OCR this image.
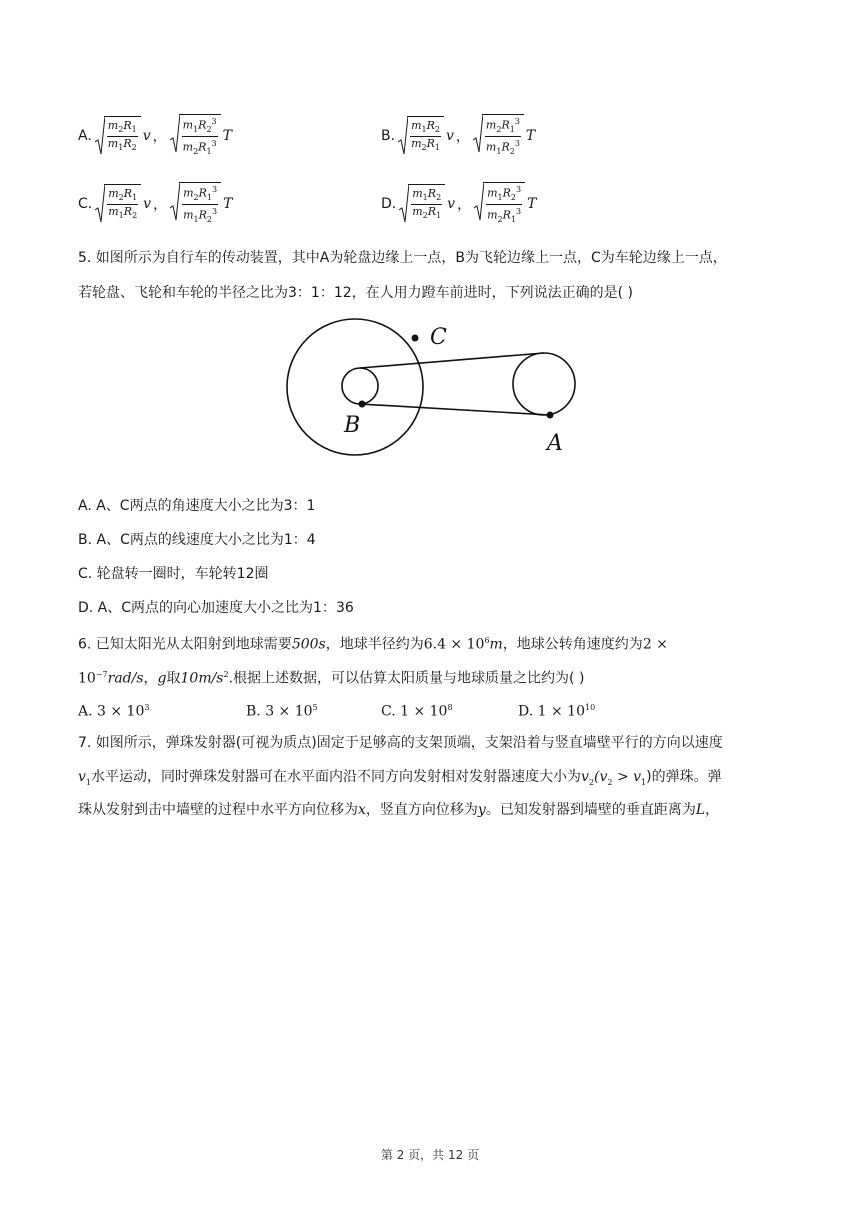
A. $\frac{m_2R_1}{m_1R_2}$ v ， $\frac{m_1R_2^3}{m_2R_1^3}$ T	B. $\frac{m_1R_2}{m_2R_1}$ v ， $\frac{m_2R_1^3}{m_1R_2^3}$ T
C. $\frac{m_2R_1}{m_1R_2}$ v ， $\frac{m_2R_1^3}{m_1R_2^3}$ T	D. $\frac{m_1R_2}{m_2R_1}$ v ， $\frac{m_1R_2^3}{m_2R_1^3}$ T
5. 如图所示为自行车的传动装置，其中A为轮盘边缘上一点，B为飞轮边缘上一点，C为车轮边缘上一点，
若轮盘、飞轮和车轮的半径之比为3：1：12，在人用力蹬车前进时，下列说法正确的是( )
C
B
A
A. A、C两点的角速度大小之比为3：1
B. A、C两点的线速度大小之比为1：4
C. 轮盘转一圈时，车轮转12圈
D. A、C两点的向心加速度大小之比为1：36
6. 已知太阳光从太阳射到地球需要500s，地球半径约为$6.4 \times 10^6m$，地球公转角速度约为2 ×
$10^{-7}rad/s$，g取$10m/s^2$.根据上述数据，可以估算太阳质量与地球质量之比约为( )
A. $3 \times 10^3$	B. $3 \times 10^5$	C. $1 \times 10^8$	D. $1 \times 10^{10}$
7. 如图所示，弹珠发射器(可视为质点)固定于足够高的支架顶端，支架沿着与竖直墙壁平行的方向以速度
$v_1$水平运动，同时弹珠发射器可在水平面内沿不同方向发射相对发射器速度大小为$v_2(v_2 > v_1)$的弹珠。弹
珠从发射到击中墙壁的过程中水平方向位移为x，竖直方向位移为y。已知发射器到墙壁的垂直距离为L，
第 2 页，共 12 页
